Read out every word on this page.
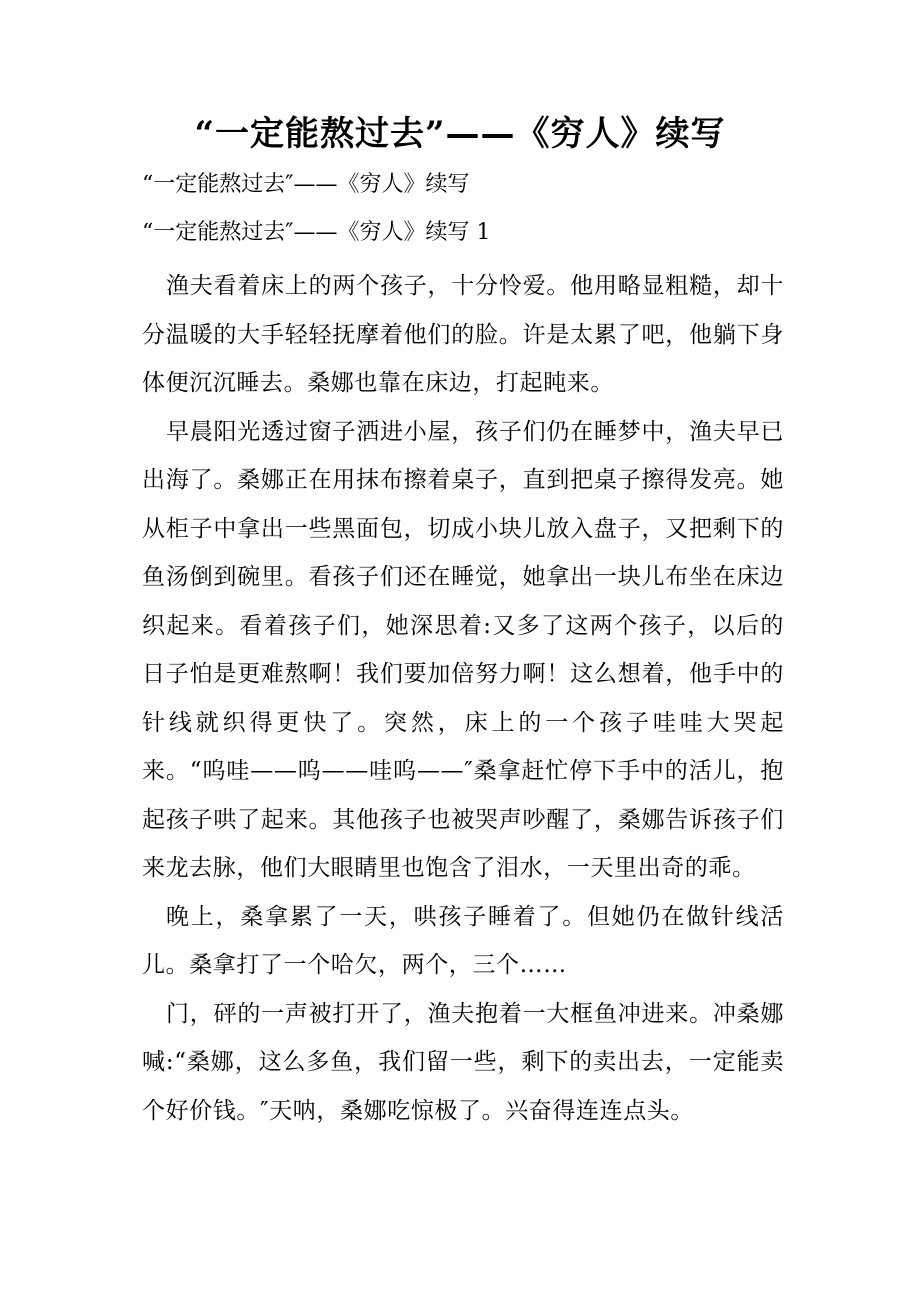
“一定能熬过去”——《穷人》续写
“一定能熬过去″——《穷人》续写
“一定能熬过去″——《穷人》续写 1

渔夫看着床上的两个孩子，十分怜爱。他用略显粗糙，却十分温暖的大手轻轻抚摩着他们的脸。许是太累了吧，他躺下身体便沉沉睡去。桑娜也靠在床边，打起盹来。

早晨阳光透过窗子洒进小屋，孩子们仍在睡梦中，渔夫早已出海了。桑娜正在用抹布擦着桌子，直到把桌子擦得发亮。她从柜子中拿出一些黑面包，切成小块儿放入盘子，又把剩下的鱼汤倒到碗里。看孩子们还在睡觉，她拿出一块儿布坐在床边织起来。看着孩子们，她深思着:又多了这两个孩子，以后的日子怕是更难熬啊！我们要加倍努力啊！这么想着，他手中的针线就织得更快了。突然，床上的一个孩子哇哇大哭起来。“呜哇——呜——哇呜——″桑拿赶忙停下手中的活儿，抱起孩子哄了起来。其他孩子也被哭声吵醒了，桑娜告诉孩子们来龙去脉，他们大眼睛里也饱含了泪水，一天里出奇的乖。

晚上，桑拿累了一天，哄孩子睡着了。但她仍在做针线活儿。桑拿打了一个哈欠，两个，三个……

门，砰的一声被打开了，渔夫抱着一大框鱼冲进来。冲桑娜喊:“桑娜，这么多鱼，我们留一些，剩下的卖出去，一定能卖个好价钱。″天呐，桑娜吃惊极了。兴奋得连连点头。
